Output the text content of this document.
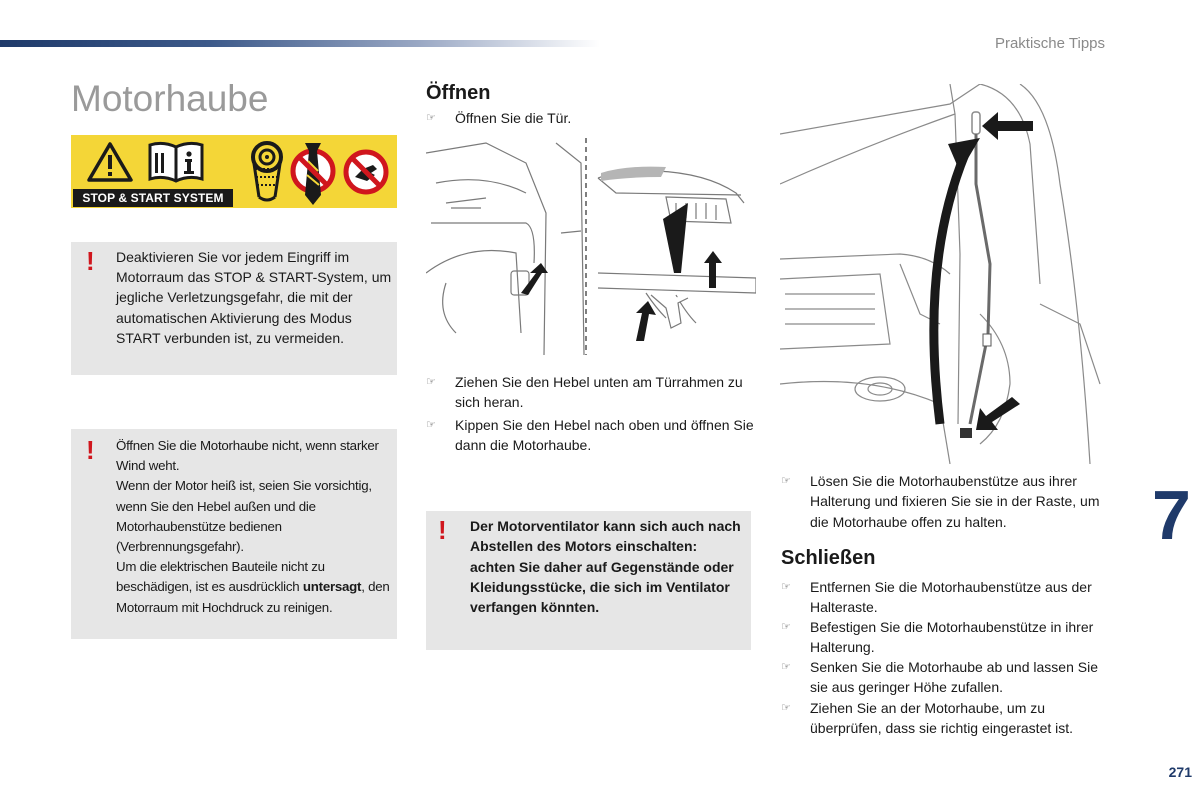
Praktische Tipps
Motorhaube
STOP & START SYSTEM
! Deaktivieren Sie vor jedem Eingriff im Motorraum das STOP & START-System, um jegliche Verletzungsgefahr, die mit der automatischen Aktivierung des Modus START verbunden ist, zu vermeiden.
! Öffnen Sie die Motorhaube nicht, wenn starker Wind weht.

Wenn der Motor heiß ist, seien Sie vorsichtig, wenn Sie den Hebel außen und die Motorhaubenstütze bedienen (Verbrennungsgefahr).

Um die elektrischen Bauteile nicht zu beschädigen, ist es ausdrücklich untersagt, den Motorraum mit Hochdruck zu reinigen.

Öffnen
☞	Öffnen Sie die Tür.
☞	Ziehen Sie den Hebel unten am Türrahmen zu sich heran.
☞	Kippen Sie den Hebel nach oben und öffnen Sie dann die Motorhaube.
! Der Motorventilator kann sich auch nach Abstellen des Motors einschalten: achten Sie daher auf Gegenstände oder Kleidungsstücke, die sich im Ventilator verfangen könnten.
☞	Lösen Sie die Motorhaubenstütze aus ihrer Halterung und fixieren Sie sie in der Raste, um die Motorhaube offen zu halten.
Schließen
☞	Entfernen Sie die Motorhaubenstütze aus der Halteraste.
☞	Befestigen Sie die Motorhaubenstütze in ihrer Halterung.
☞	Senken Sie die Motorhaube ab und lassen Sie sie aus geringer Höhe zufallen.
☞	Ziehen Sie an der Motorhaube, um zu überprüfen, dass sie richtig eingerastet ist.
7
271
